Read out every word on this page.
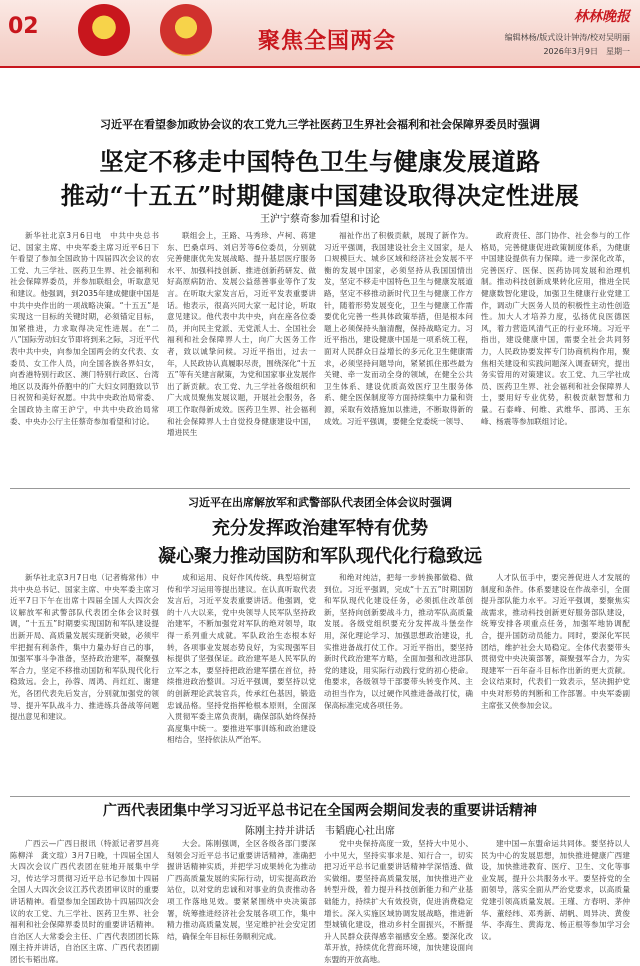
02
聚焦全国两会
林林晚报
编辑林杨/版式设计钟涛/校对吴明丽
2026年3月9日　星期一
习近平在看望参加政协会议的农工党九三学社医药卫生界社会福利和社会保障界委员时强调
坚定不移走中国特色卫生与健康发展道路
推动“十五五”时期健康中国建设取得决定性进展
王沪宁蔡奇参加看望和讨论
新华社北京3月6日电　中共中央总书记、国家主席、中央军委主席习近平6日下午看望了参加全国政协十四届四次会议的农工党、九三学社、医药卫生界、社会福利和社会保障界委员，并参加联组会，听取意见和建议。他强调，到2035年建成健康中国是中共中央作出的一项战略决策。“十五五”是实现这一目标的关键时期，必须锚定目标，加紧推进，力求取得决定性进展。在“二八”国际劳动妇女节即将到来之际，习近平代表中共中央，向参加全国两会的女代表、女委员、女工作人员，向全国各族各界妇女，向香港特别行政区、澳门特别行政区、台湾地区以及海外侨胞中的广大妇女同胞致以节日祝贺和美好祝愿。中共中央政治局常委、全国政协主席王沪宁，中共中央政治局常委、中央办公厅主任蔡奇参加看望和讨论。
联组会上，王路、马秀珍、卢柯、蒋建东、巴桑卓玛、刘启芳等6位委员，分别就完善健康优先发展战略、提升基层医疗服务水平、加强科技创新、推进创新药研发、做好高原病防治、发展公益慈善事业等作了发言。在听取大家发言后，习近平发表重要讲话。他表示，很高兴同大家一起讨论，听取意见建议。他代表中共中央，向在座各位委员，并向民主党派、无党派人士、全国社会福利和社会保障界人士，向广大医务工作者，致以诚挚问候。习近平指出，过去一年，人民政协认真履职尽责，围绕深化“十五五”等有关建言献策，为党和国家事业发展作出了新贡献。农工党、九三学社各级组织和广大成员聚焦发展议题，开展社会服务，各项工作取得新成效。医药卫生界、社会福利和社会保障界人士自觉投身健康建设中国，增进民生
福祉作出了积极贡献，展现了新作为。习近平强调，我国建设社会主义国家，是人口规模巨大、城乡区域和经济社会发展不平衡的发展中国家，必须坚持从我国国情出发，坚定不移走中国特色卫生与健康发展道路，坚定不移推动新时代卫生与健康工作方针，随着形势发展变化，卫生与健康工作需要优化完善一些具体政策举措，但是根本问题上必须保持头脑清醒，保持战略定力。习近平指出，建设健康中国是一项系统工程，面对人民群众日益增长的多元化卫生健康需求，必须坚持问题导向，紧紧抓住那些最为关键、牵一发而动全身的领域，在健全公共卫生体系、建设优质高效医疗卫生服务体系、健全医保制度等方面持续集中力量和资源，采取有效措施加以推进，不断取得新的成效。习近平强调，要健全党委统一领导、
政府责任、部门协作、社会参与的工作格局，完善健康促进政策制度体系，为健康中国建设提供有力保障。进一步深化改革，完善医疗、医保、医药协同发展和治理机制。推动科技创新成果转化应用，推进全民健康数智化建设，加强卫生健康行业党建工作，调动广大医务人员的积极性主动性创造性。加大人才培养力度，弘扬优良医德医风，着力营造风清气正的行业环境。习近平指出，建设健康中国，需要全社会共同努力，人民政协要发挥专门协商机构作用，聚焦相关建设和实践问题深入调查研究，提出务实管用的对策建议。农工党、九三学社成员、医药卫生界、社会福利和社会保障界人士，要用好专业优势，积极贡献智慧和力量。石泰峰、何维、武维华、邵鸿、王东峰、杨震等参加联组讨论。
习近平在出席解放军和武警部队代表团全体会议时强调
充分发挥政治建军特有优势
凝心聚力推动国防和军队现代化行稳致远
新华社北京3月7日电（记者梅常伟）中共中央总书记、国家主席、中央军委主席习近平7日下午在出席十四届全国人大四次会议解放军和武警部队代表团全体会议时强调，“十五五”时期要实现国防和军队建设提出新开局、高质量发展实现新突破，必须牢牢把握有利条件，集中力量办好自己的事，加强军事斗争准备，坚持政治建军，凝聚强军合力，坚定不移推动国防和军队现代化行稳致远。会上，孙蓉、周鸿、肖红红、谢建光，各团代表先后发言，分别就加强党的领导、提升军队战斗力、推进练兵备战等问题提出意见和建议。
成和运用、良好作风传统、典型培树宣传和学习运用等提出建议。在认真听取代表发言后，习近平发表重要讲话。他强调，党的十八大以来，党中央领导人民军队坚持政治建军，不断加强党对军队的绝对领导，取得一系列重大成就。军队政治生态根本好转，各项事业发展态势良好，为实现强军目标提供了坚强保证。政治建军是人民军队的立军之本，要坚持把政治建军摆在首位，持续推进政治整训。习近平强调，要坚持以党的创新理论武装官兵，传承红色基因，锻造忠诚品格。坚持党指挥枪根本原则，全面深入贯彻军委主席负责制，确保部队始终保持高度集中统一。要推进军事训练和政治建设相结合，坚持依法从严治军。
和绝对纯洁，把每一步转换都做稳、做到位。习近平强调，完成“十五五”时期国防和军队现代化建设任务，必须抓住改革创新，坚持向创新要战斗力，推动军队高质量发展。各级党组织要充分发挥战斗堡垒作用，深化理论学习、加强思想政治建设，扎实推进备战打仗工作。习近平指出，要坚持新时代政治建军方略，全面加强和改进部队党的建设，用实际行动践行党的初心使命。他要求，各级领导干部要带头转变作风、主动担当作为，以过硬作风推进备战打仗，确保高标准完成各项任务。
人才队伍手中，要完善促进人才发展的制度和条件。体系要建设在作战牵引，全面提升部队能力水平。习近平强调，要聚焦实战需求，推动科技创新更好服务部队建设，统筹安排各项重点任务，加强军地协调配合，提升国防动员能力。同时，要深化军民团结，维护社会大局稳定。全体代表要带头贯彻党中央决策部署，凝聚强军合力，为实现建军一百年奋斗目标作出新的更大贡献。会议结束时，代表们一致表示，坚决拥护党中央对形势的判断和工作部署。中央军委副主席张又侠参加会议。
广西代表团集中学习习近平总书记在全国两会期间发表的重要讲话精神
陈刚主持并讲话　韦韬鹿心社出席
广西云—广西日报讯（特派记者罗昌亮　陈柳洋　龚文瑄）3月7日晚，十四届全国人大四次会议广西代表团在驻地开展集中学习，传达学习贯彻习近平总书记参加十四届全国人大四次会议江苏代表团审议时的重要讲话精神。看望参加全国政协十四届四次会议的农工党、九三学社、医药卫生界、社会福利和社会保障界委员时的重要讲话精神。自治区人大常委会主任、广西代表团团长陈刚主持并讲话，自治区主席、广西代表团副团长韦韬出席。
大会。陈刚强调，全区各级各部门要深刻领会习近平总书记重要讲话精神，准确把握讲话精神实质，并把学习成果转化为推动广西高质量发展的实际行动，切实提高政治站位，以对党的忠诚和对事业的负责推动各项工作落地见效。要紧紧围绕中央决策部署，统筹推进经济社会发展各项工作，集中精力推动高质量发展，坚定维护社会安定团结，确保全年目标任务顺利完成。
党中央保持高度一致，坚持大中见小、小中见大，坚持实事求是、知行合一，切实把习近平总书记重要讲话精神学深悟透、做实做细。要坚持高质量发展，加快推进产业转型升级，着力提升科技创新能力和产业基础能力，持续扩大有效投资，促进消费稳定增长。深入实施区域协调发展战略，推进新型城镇化建设，推动乡村全面振兴，不断提升人民群众获得感幸福感安全感。要深化改革开放，持续优化营商环境，加快建设面向东盟的开放高地。
建中国—东盟命运共同体。要坚持以人民为中心的发展思想，加快推进健康广西建设，加快推进教育、医疗、卫生、文化等事业发展，提升公共服务水平。要坚持党的全面领导，落实全面从严治党要求，以高质量党建引领高质量发展。王瑾、方春明、茅仲华、董经纬、邓秀新、胡帆、周异决、黄俊华、李海生、黄海龙、杨正根等参加学习会议。
